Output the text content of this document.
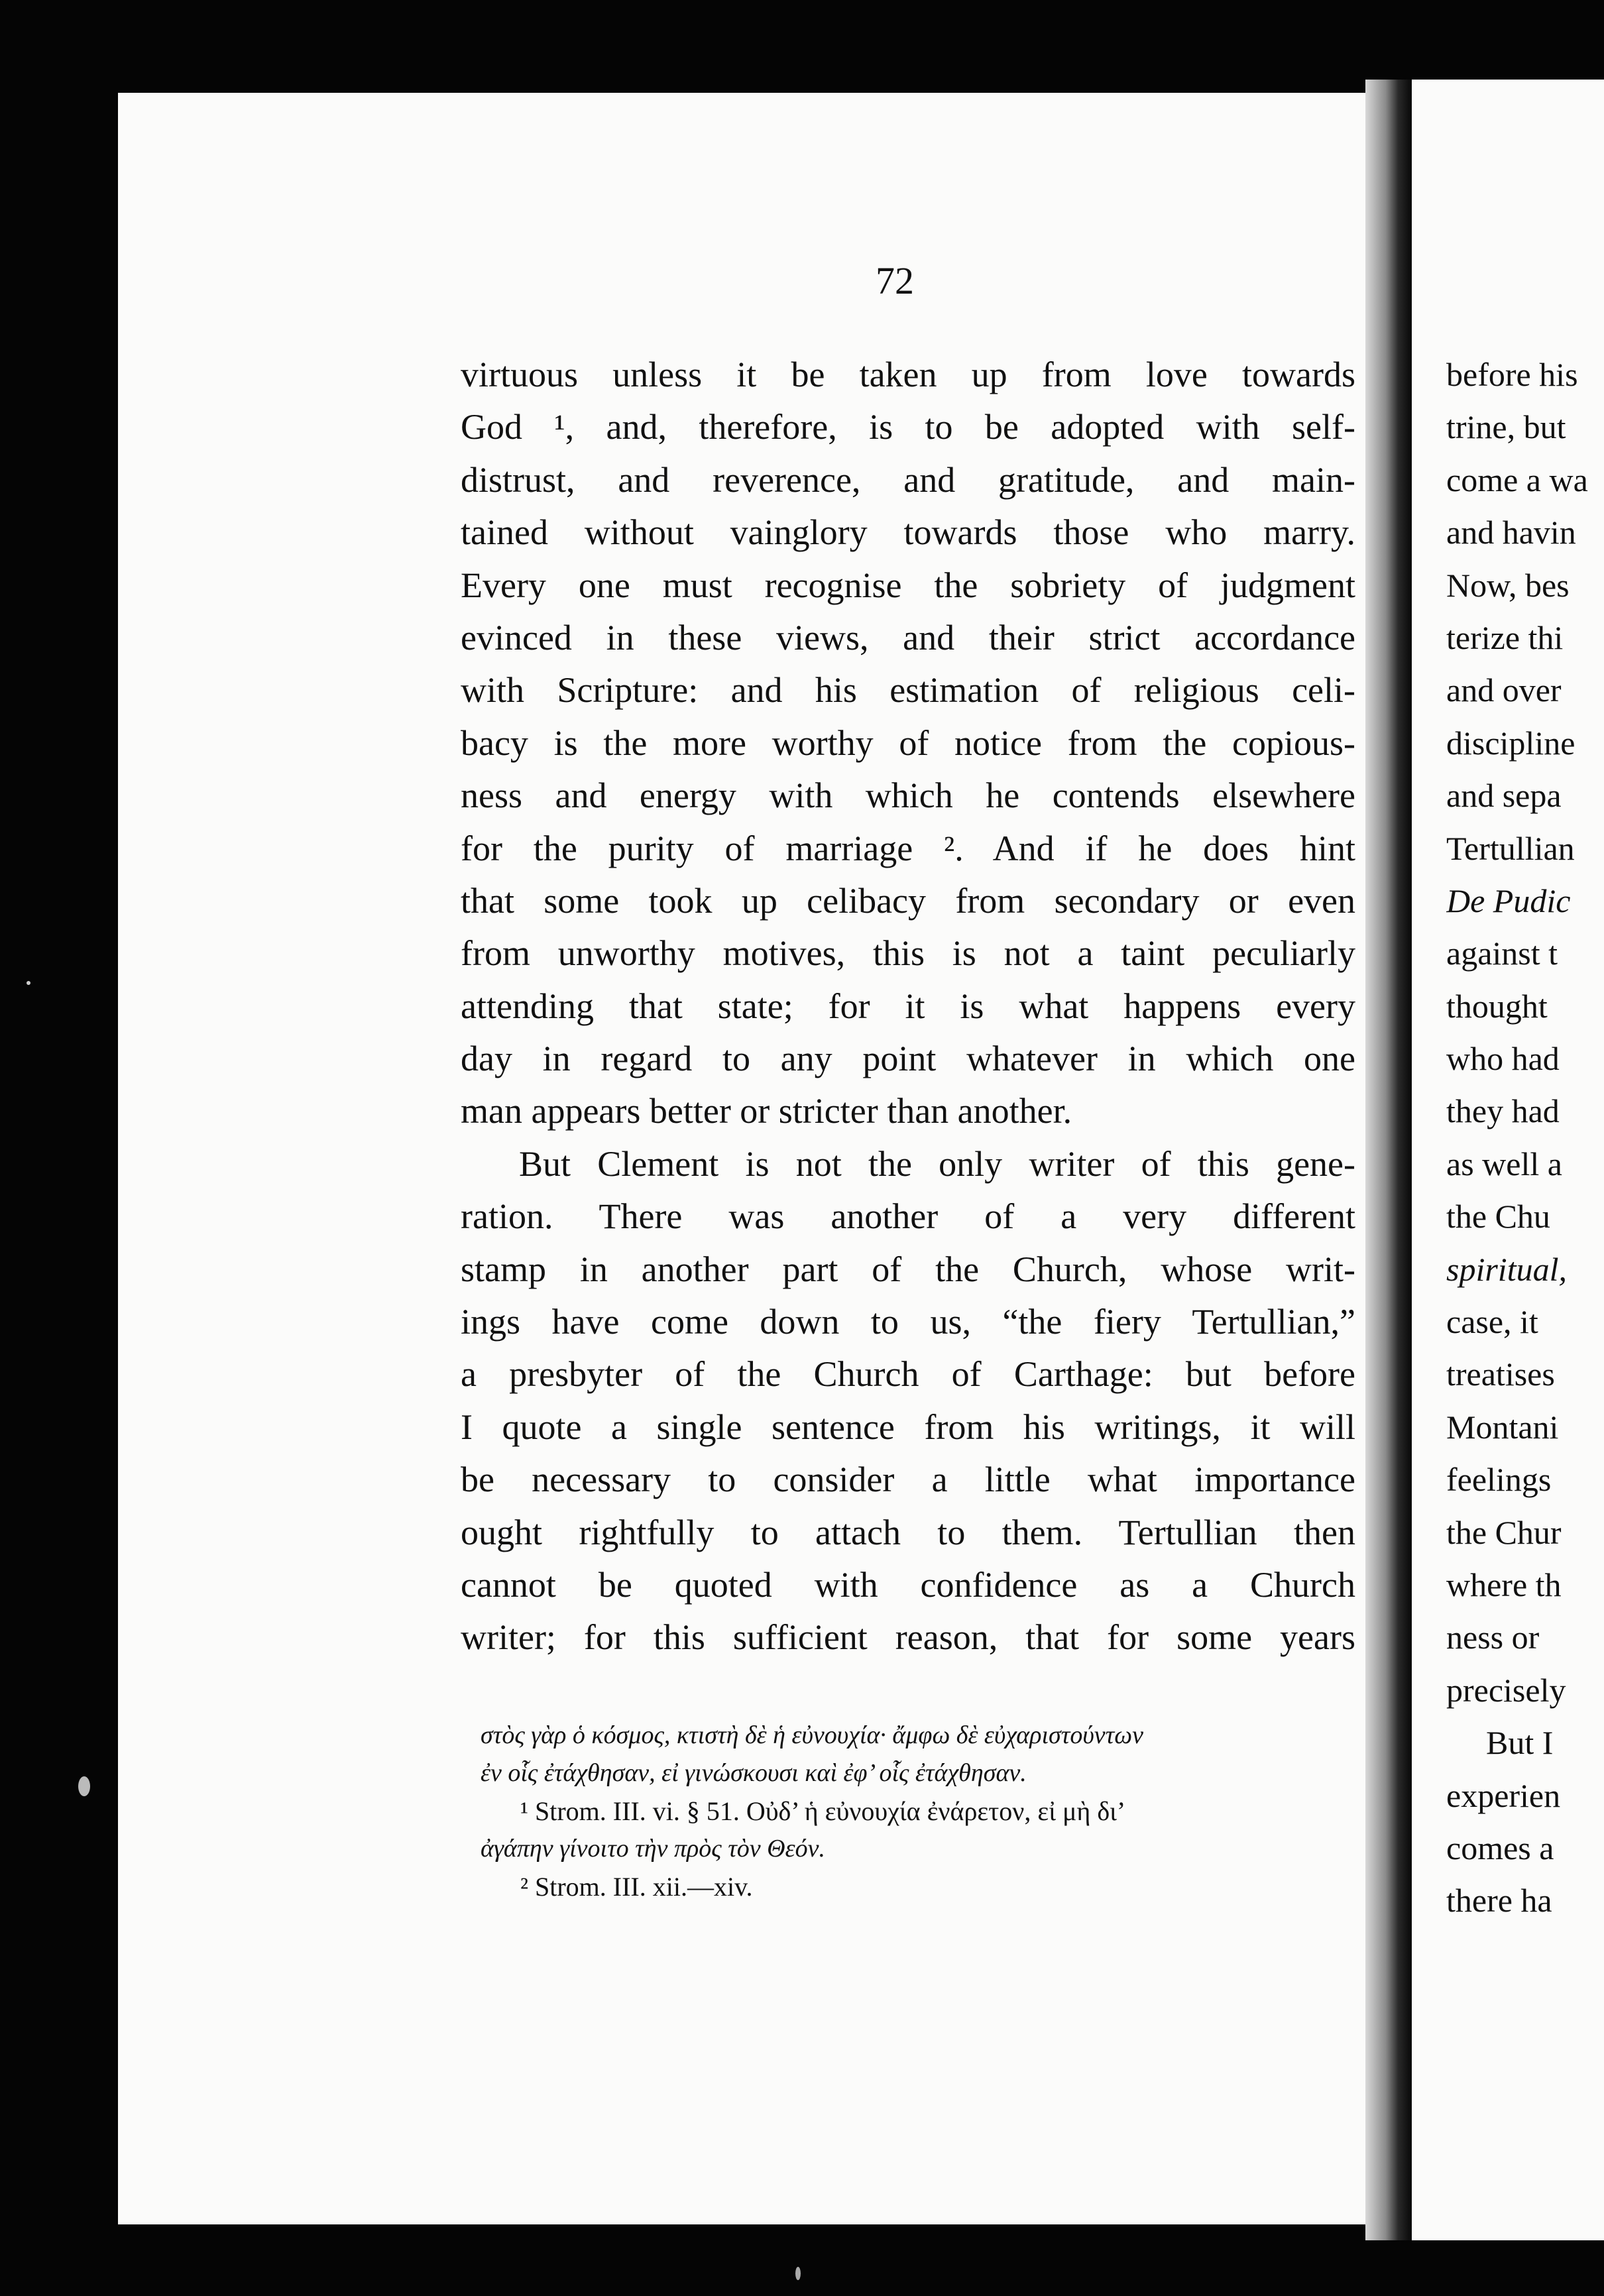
72
virtuous unless it be taken up from love towards
God ¹, and, therefore, is to be adopted with self-
distrust, and reverence, and gratitude, and main-
tained without vainglory towards those who marry.
Every one must recognise the sobriety of judgment
evinced in these views, and their strict accordance
with Scripture: and his estimation of religious celi-
bacy is the more worthy of notice from the copious-
ness and energy with which he contends elsewhere
for the purity of marriage ². And if he does hint
that some took up celibacy from secondary or even
from unworthy motives, this is not a taint peculiarly
attending that state; for it is what happens every
day in regard to any point whatever in which one
man appears better or stricter than another.
But Clement is not the only writer of this gene-
ration. There was another of a very different
stamp in another part of the Church, whose writ-
ings have come down to us, “the fiery Tertullian,”
a presbyter of the Church of Carthage: but before
I quote a single sentence from his writings, it will
be necessary to consider a little what importance
ought rightfully to attach to them. Tertullian then
cannot be quoted with confidence as a Church
writer; for this sufficient reason, that for some years
στὸς γὰρ ὁ κόσμος, κτιστὴ δὲ ἡ εὐνουχία· ἄμφω δὲ εὐχαριστούντων
ἐν οἷς ἐτάχθησαν, εἰ γινώσκουσι καὶ ἐφ’ οἷς ἐτάχθησαν.
¹ Strom. III. vi. § 51. Οὐδ’ ἡ εὐνουχία ἐνάρετον, εἰ μὴ δι’
ἀγάπην γίνοιτο τὴν πρὸς τὸν Θεόν.
² Strom. III. xii.—xiv.
before his
trine, but
come a wa
and havin
Now, bes
terize thi
and over
discipline
and sepa
Tertullian
De Pudic
against t
thought
who had
they had
as well a
the Chu
spiritual,
case, it
treatises
Montani
feelings
the Chur
where th
ness or
precisely
But I
experien
comes a
there ha
